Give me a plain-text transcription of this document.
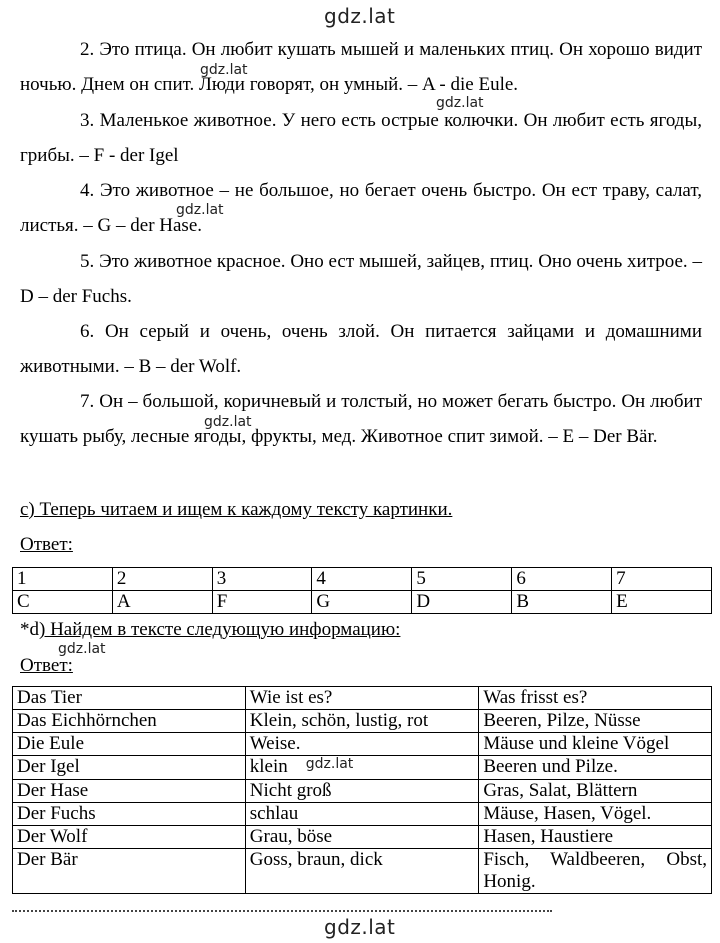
gdz.lat
gdz.lat
gdz.lat
gdz.lat
gdz.lat
gdz.lat
gdz.lat
2. Это птица. Он любит кушать мышей и маленьких птиц. Он хорошо видит ночью. Днем он спит. Люди говорят, он умный. – A - die Eule.
3. Маленькое животное. У него есть острые колючки. Он любит есть ягоды, грибы. – F - der Igel
4. Это животное – не большое, но бегает очень быстро. Он ест траву, салат, листья. – G – der Hase.
5. Это животное красное. Оно ест мышей, зайцев, птиц. Оно очень хитрое. – D – der Fuchs.
6. Он серый и очень, очень злой. Он питается зайцами и домашними животными. – B – der Wolf.
7. Он – большой, коричневый и толстый, но может бегать быстро. Он любит кушать рыбу, лесные ягоды, фрукты, мед. Животное спит зимой. – E – Der Bär.
с) Теперь читаем и ищем к каждому тексту картинки.
Ответ:
1	2	3	4	5	6	7
C	A	F	G	D	B	E
*d) Найдем в тексте следующую информацию:
Ответ:
Das Tier	Wie ist es?	Was frisst es?
Das Eichhörnchen	Klein, schön, lustig, rot	Beeren, Pilze, Nüsse
Die Eule	Weise.	Mäuse und kleine Vögel
Der Igel	klein $^{gdz.lat}$	Beeren und Pilze.
Der Hase	Nicht groß	Gras, Salat, Blättern
Der Fuchs	schlau	Mäuse, Hasen, Vögel.
Der Wolf	Grau, böse	Hasen, Haustiere
Der Bär	Goss, braun, dick	Fisch, Waldbeeren, Obst, Honig.
